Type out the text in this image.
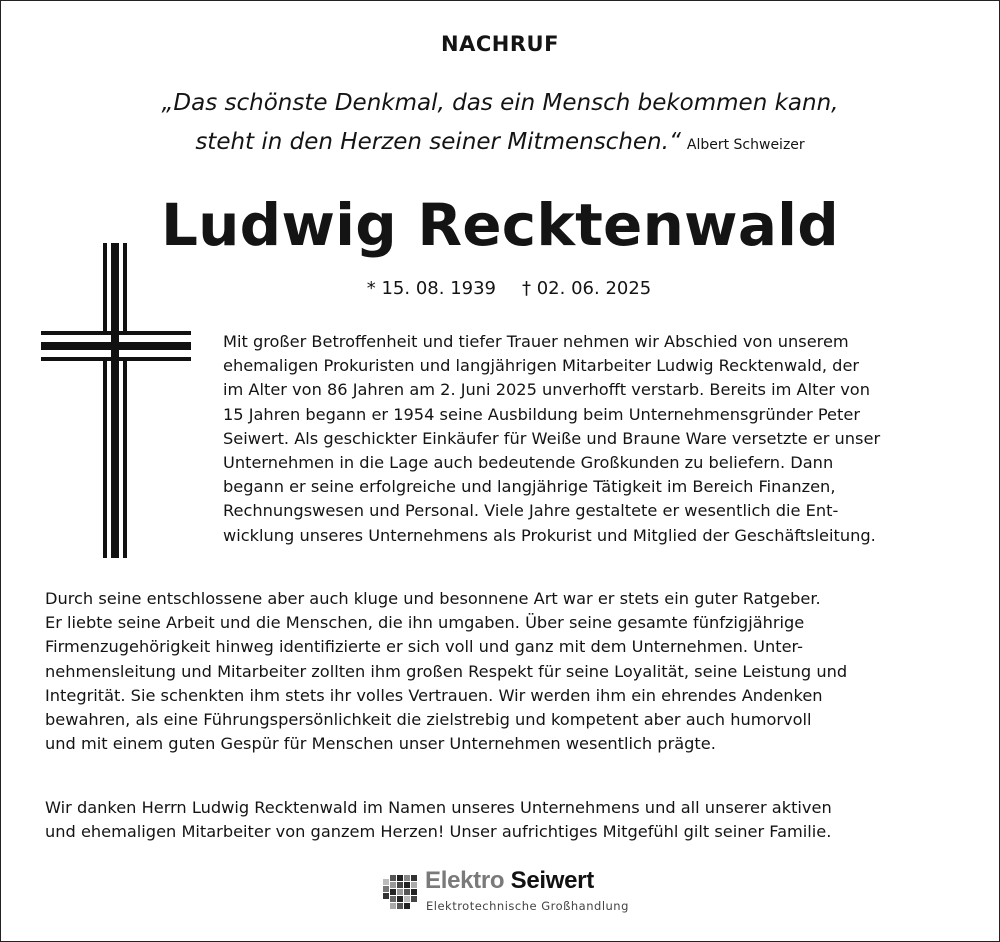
NACHRUF
„Das schönste Denkmal, das ein Mensch bekommen kann,
steht in den Herzen seiner Mitmenschen.“ Albert Schweizer
Ludwig Recktenwald
* 15. 08. 1939 † 02. 06. 2025
Mit großer Betroffenheit und tiefer Trauer nehmen wir Abschied von unserem
ehemaligen Prokuristen und langjährigen Mitarbeiter Ludwig Recktenwald, der
im Alter von 86 Jahren am 2. Juni 2025 unverhofft verstarb. Bereits im Alter von
15 Jahren begann er 1954 seine Ausbildung beim Unternehmensgründer Peter
Seiwert. Als geschickter Einkäufer für Weiße und Braune Ware versetzte er unser
Unternehmen in die Lage auch bedeutende Großkunden zu beliefern. Dann
begann er seine erfolgreiche und langjährige Tätigkeit im Bereich Finanzen,
Rechnungswesen und Personal. Viele Jahre gestaltete er wesentlich die Ent-
wicklung unseres Unternehmens als Prokurist und Mitglied der Geschäftsleitung.
Durch seine entschlossene aber auch kluge und besonnene Art war er stets ein guter Ratgeber.
Er liebte seine Arbeit und die Menschen, die ihn umgaben. Über seine gesamte fünfzigjährige
Firmenzugehörigkeit hinweg identifizierte er sich voll und ganz mit dem Unternehmen. Unter-
nehmensleitung und Mitarbeiter zollten ihm großen Respekt für seine Loyalität, seine Leistung und
Integrität. Sie schenkten ihm stets ihr volles Vertrauen. Wir werden ihm ein ehrendes Andenken
bewahren, als eine Führungspersönlichkeit die zielstrebig und kompetent aber auch humorvoll
und mit einem guten Gespür für Menschen unser Unternehmen wesentlich prägte.
Wir danken Herrn Ludwig Recktenwald im Namen unseres Unternehmens und all unserer aktiven
und ehemaligen Mitarbeiter von ganzem Herzen! Unser aufrichtiges Mitgefühl gilt seiner Familie.
Elektro Seiwert
Elektrotechnische Großhandlung
